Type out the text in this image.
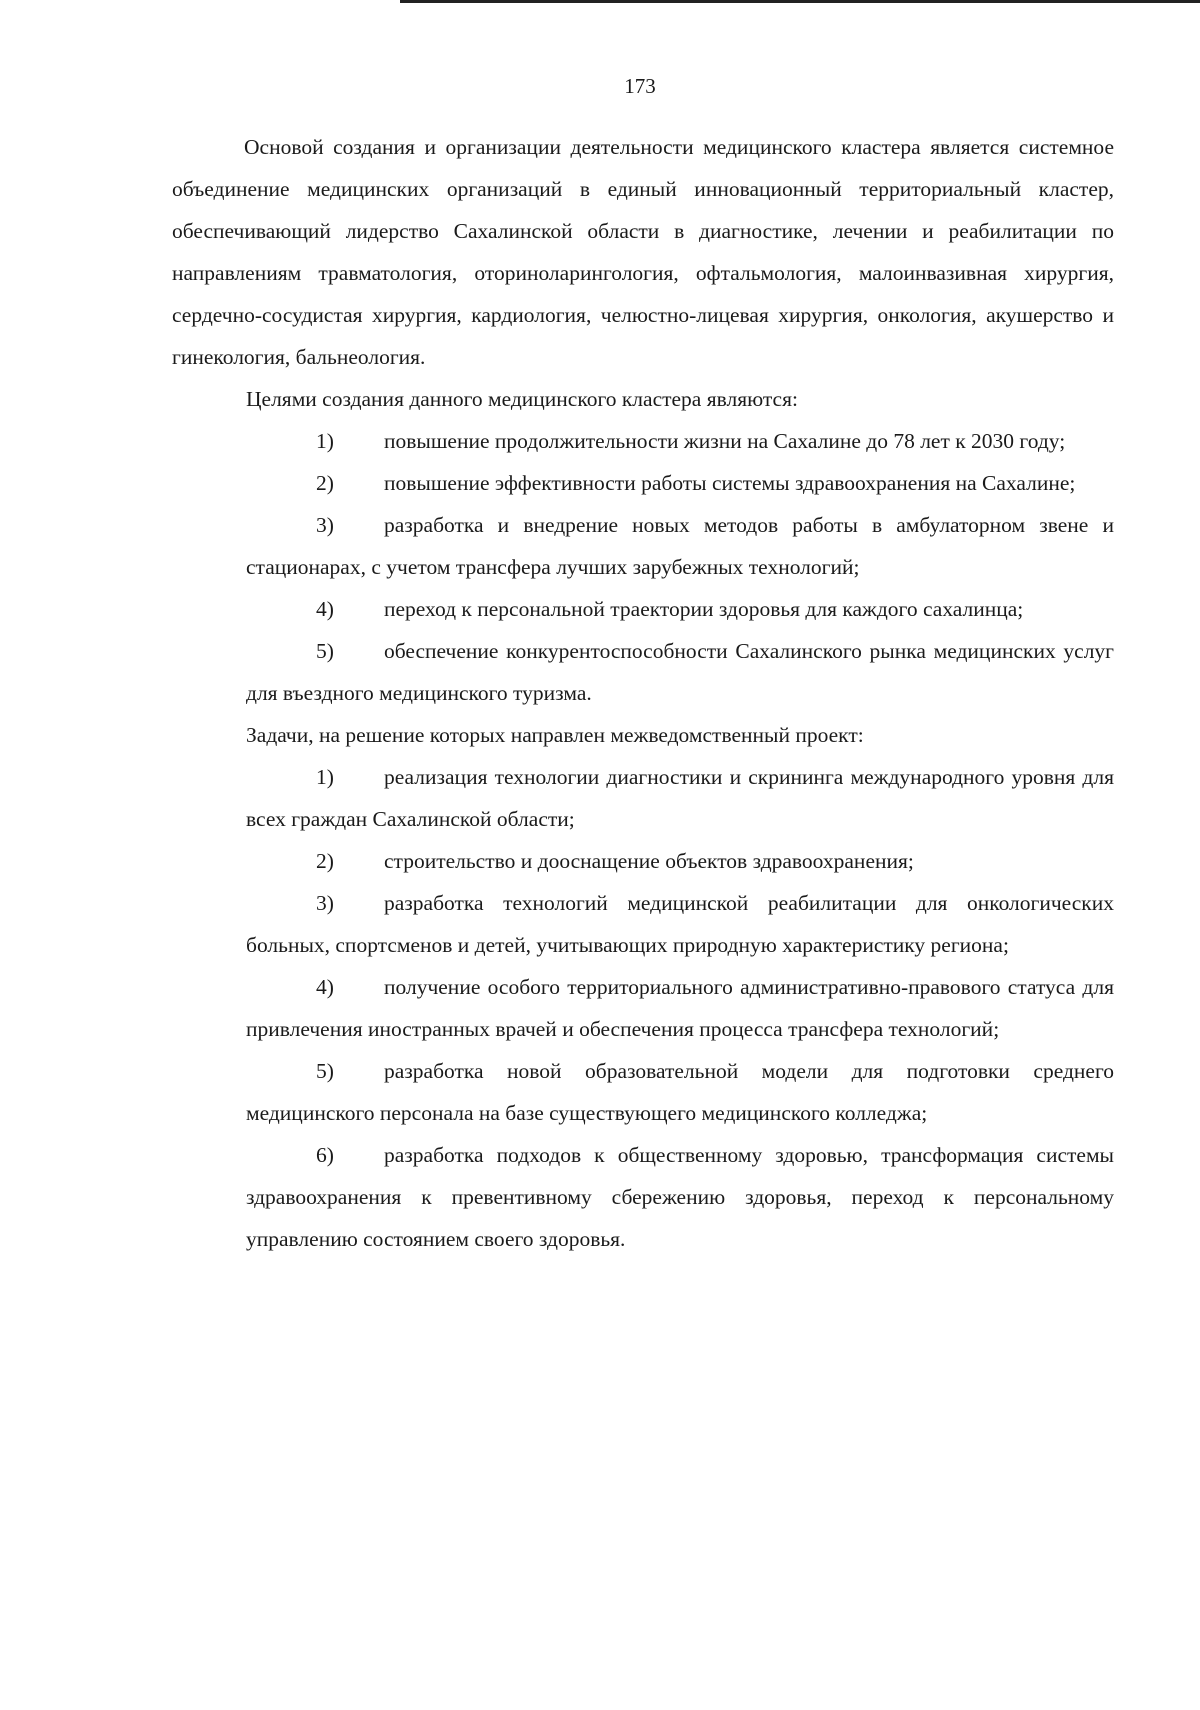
173

Основой создания и организации деятельности медицинского кластера является системное объединение медицинских организаций в единый инновационный территориальный кластер, обеспечивающий лидерство Сахалинской области в диагностике, лечении и реабилитации по направлениям травматология, оториноларингология, офтальмология, малоинвазивная хирургия, сердечно-сосудистая хирургия, кардиология, челюстно-лицевая хирургия, онкология, акушерство и гинекология, бальнеология.

Целями создания данного медицинского кластера являются:

1) повышение продолжительности жизни на Сахалине до 78 лет к 2030 году;

2) повышение эффективности работы системы здравоохранения на Сахалине;

3) разработка и внедрение новых методов работы в амбулаторном звене и стационарах, с учетом трансфера лучших зарубежных технологий;

4) переход к персональной траектории здоровья для каждого сахалинца;

5) обеспечение конкурентоспособности Сахалинского рынка медицинских услуг для въездного медицинского туризма.

Задачи, на решение которых направлен межведомственный проект:

1) реализация технологии диагностики и скрининга международного уровня для всех граждан Сахалинской области;

2) строительство и дооснащение объектов здравоохранения;

3) разработка технологий медицинской реабилитации для онкологических больных, спортсменов и детей, учитывающих природную характеристику региона;

4) получение особого территориального административно-правового статуса для привлечения иностранных врачей и обеспечения процесса трансфера технологий;

5) разработка новой образовательной модели для подготовки среднего медицинского персонала на базе существующего медицинского колледжа;

6) разработка подходов к общественному здоровью, трансформация системы здравоохранения к превентивному сбережению здоровья, переход к персональному управлению состоянием своего здоровья.
